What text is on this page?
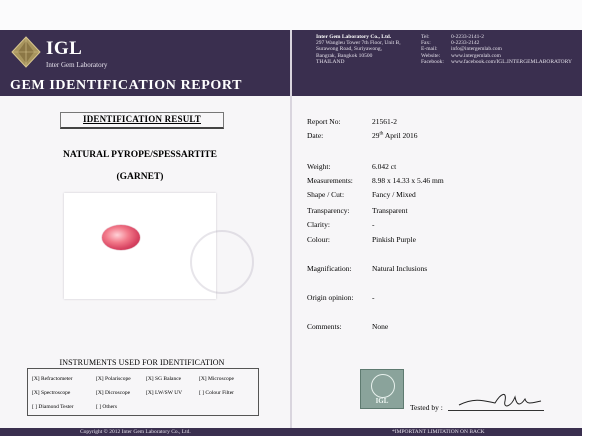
IGL
Inter Gem Laboratory
GEM IDENTIFICATION REPORT
Inter Gem Laboratory Co., Ltd.
297 Wangleu Tower 7th Floor, Unit B,
Surawong Road, Suriyawong,
Bangrak, Bangkok 10500
THAILAND
Tel:	0-2233-2141-2
Fax:	0-2233-2142
E-mail:	info@intergemlab.com
Website:	www.intergemlab.com
Facebook:	www.facebook.com/IGL.INTERGEMLABORATORY
IDENTIFICATION RESULT
NATURAL PYROPE/SPESSARTITE
(GARNET)
INSTRUMENTS USED FOR IDENTIFICATION
[X] Refractometer	[X] Polariscope	[X] SG Balance	[X] Microscope
[X] Spectroscope	[X] Dicroscope	[X] LW/SW UV	[ ] Colour Filter
[ ] Diamond Tester	[ ] Others
Report No:	21561-2
Date:	29th April 2016
Weight:	6.042 ct
Measurements:	8.98 x 14.33 x 5.46 mm
Shape / Cut:	Fancy / Mixed
Transparency:	Transparent
Clarity:	-
Colour:	Pinkish Purple
Magnification:	Natural Inclusions
Origin opinion: -
Comments:	None
IGL
Tested by :
Copyright © 2012 Inter Gem Laboratory Co., Ltd.	*IMPORTANT LIMITATION ON BACK
